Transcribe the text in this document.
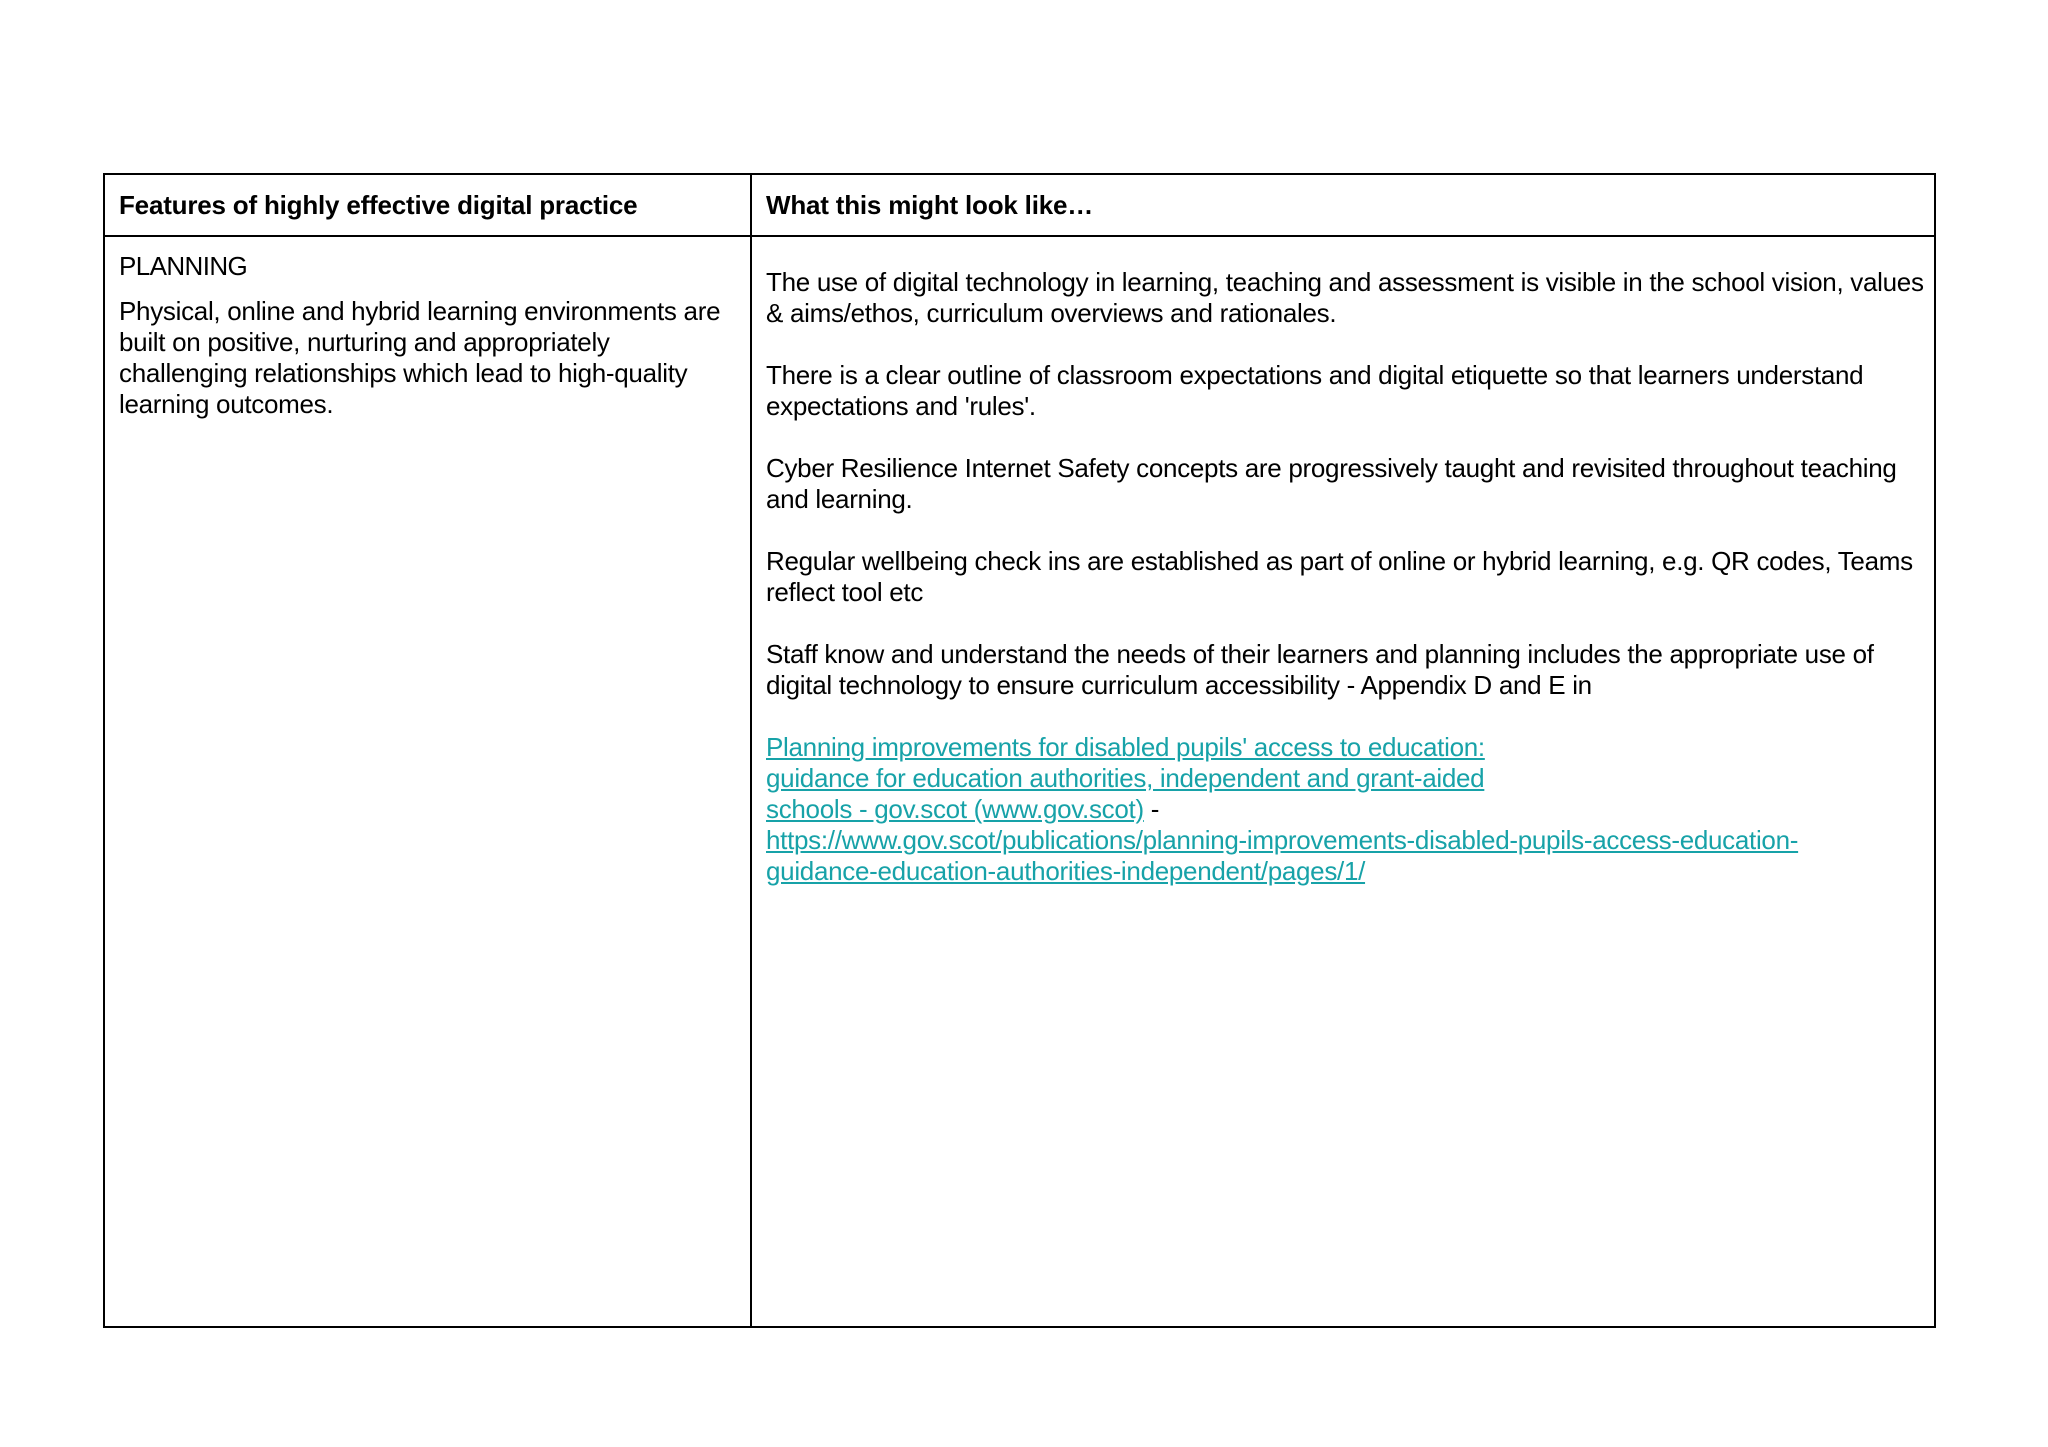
Features of highly effective digital practice	What this might look like…
PLANNING
Physical, online and hybrid learning environments are built on positive, nurturing and appropriately challenging relationships which lead to high-quality learning outcomes.

The use of digital technology in learning, teaching and assessment is visible in the school vision, values & aims/ethos, curriculum overviews and rationales.

There is a clear outline of classroom expectations and digital etiquette so that learners understand expectations and 'rules'.

Cyber Resilience Internet Safety concepts are progressively taught and revisited throughout teaching and learning.

Regular wellbeing check ins are established as part of online or hybrid learning, e.g. QR codes, Teams reflect tool etc

Staff know and understand the needs of their learners and planning includes the appropriate use of digital technology to ensure curriculum accessibility - Appendix D and E in

Planning improvements for disabled pupils' access to education:
guidance for education authorities, independent and grant-aided
schools - gov.scot (www.gov.scot) -
https://www.gov.scot/publications/planning-improvements-disabled-pupils-access-education-
guidance-education-authorities-independent/pages/1/
